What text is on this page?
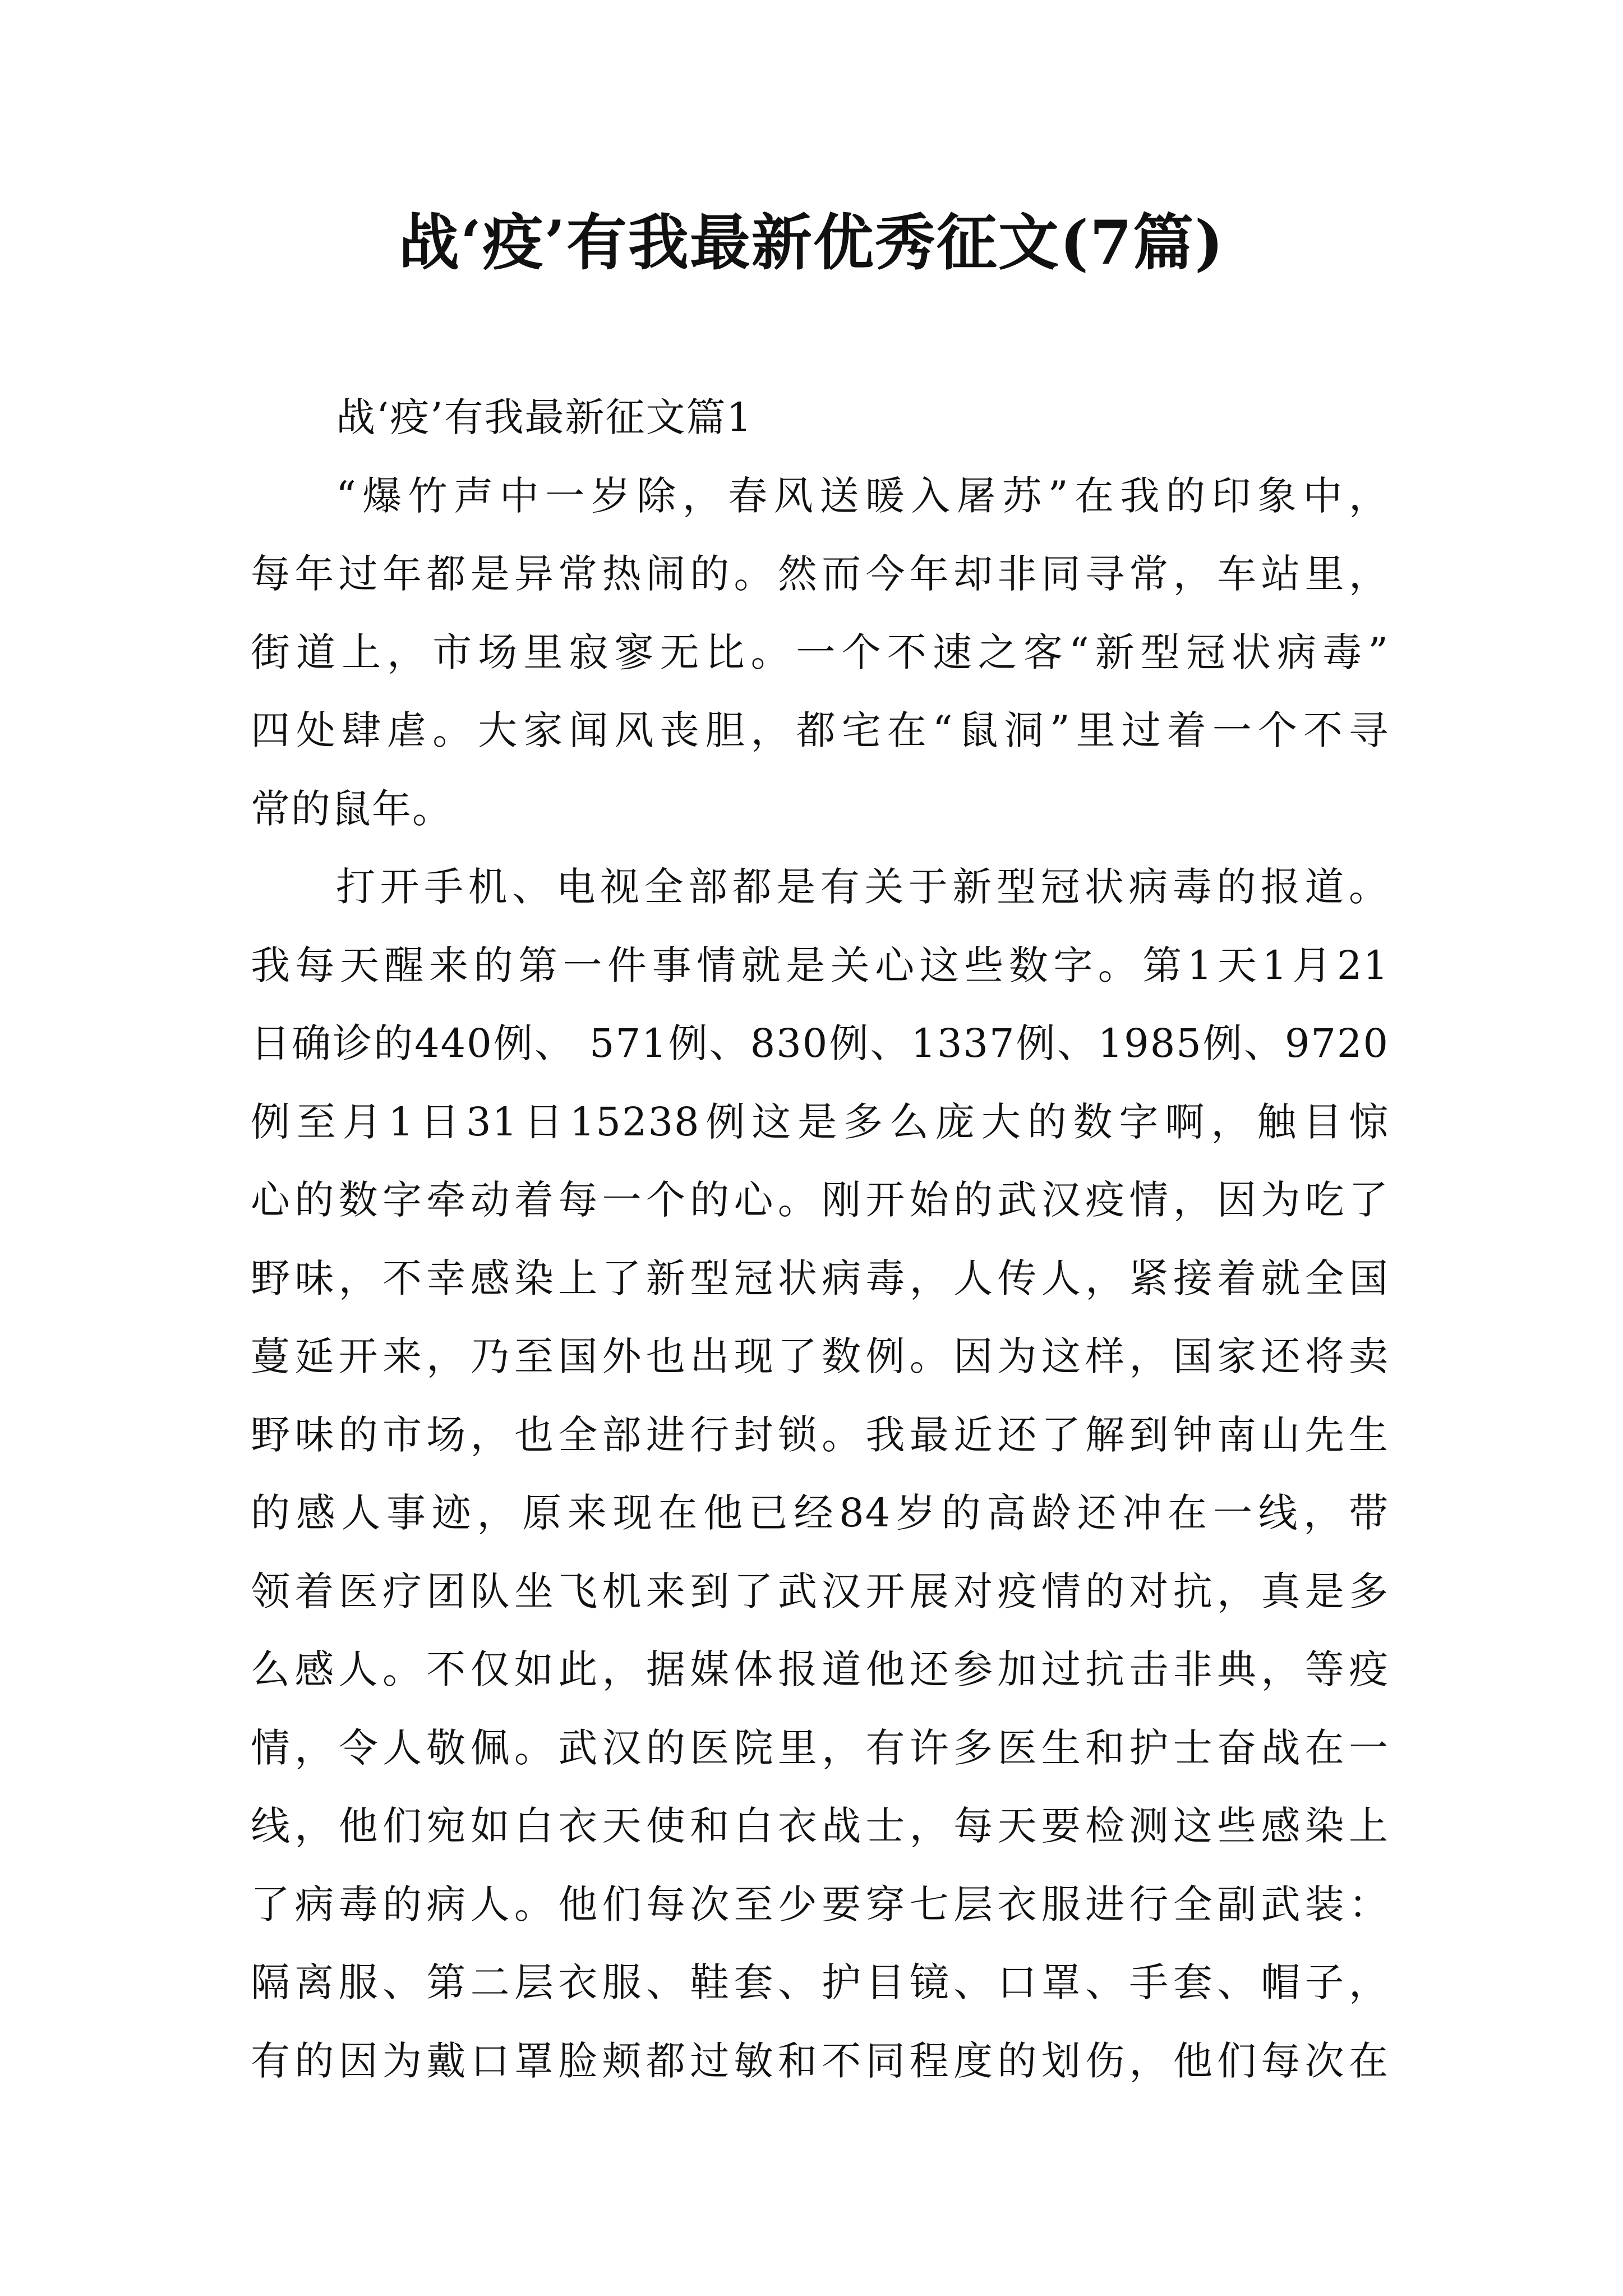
战‘疫’有我最新优秀征文(7篇)
战‘疫’有我最新征文篇1
“爆竹声中一岁除，春风送暖入屠苏”在我的印象中，
每年过年都是异常热闹的。然而今年却非同寻常，车站里，
街道上，市场里寂寥无比。一个不速之客“新型冠状病毒”
四处肆虐。大家闻风丧胆，都宅在“鼠洞”里过着一个不寻
常的鼠年。
打开手机、电视全部都是有关于新型冠状病毒的报道。
我每天醒来的第一件事情就是关心这些数字。第1天1月21
日确诊的440例、 571例、830例、1337例、1985例、9720
例至月1日31日15238例这是多么庞大的数字啊，触目惊
心的数字牵动着每一个的心。刚开始的武汉疫情，因为吃了
野味，不幸感染上了新型冠状病毒，人传人，紧接着就全国
蔓延开来，乃至国外也出现了数例。因为这样，国家还将卖
野味的市场，也全部进行封锁。我最近还了解到钟南山先生
的感人事迹，原来现在他已经84岁的高龄还冲在一线，带
领着医疗团队坐飞机来到了武汉开展对疫情的对抗，真是多
么感人。不仅如此，据媒体报道他还参加过抗击非典，等疫
情，令人敬佩。武汉的医院里，有许多医生和护士奋战在一
线，他们宛如白衣天使和白衣战士，每天要检测这些感染上
了病毒的病人。他们每次至少要穿七层衣服进行全副武装：
隔离服、第二层衣服、鞋套、护目镜、口罩、手套、帽子，
有的因为戴口罩脸颊都过敏和不同程度的划伤，他们每次在
